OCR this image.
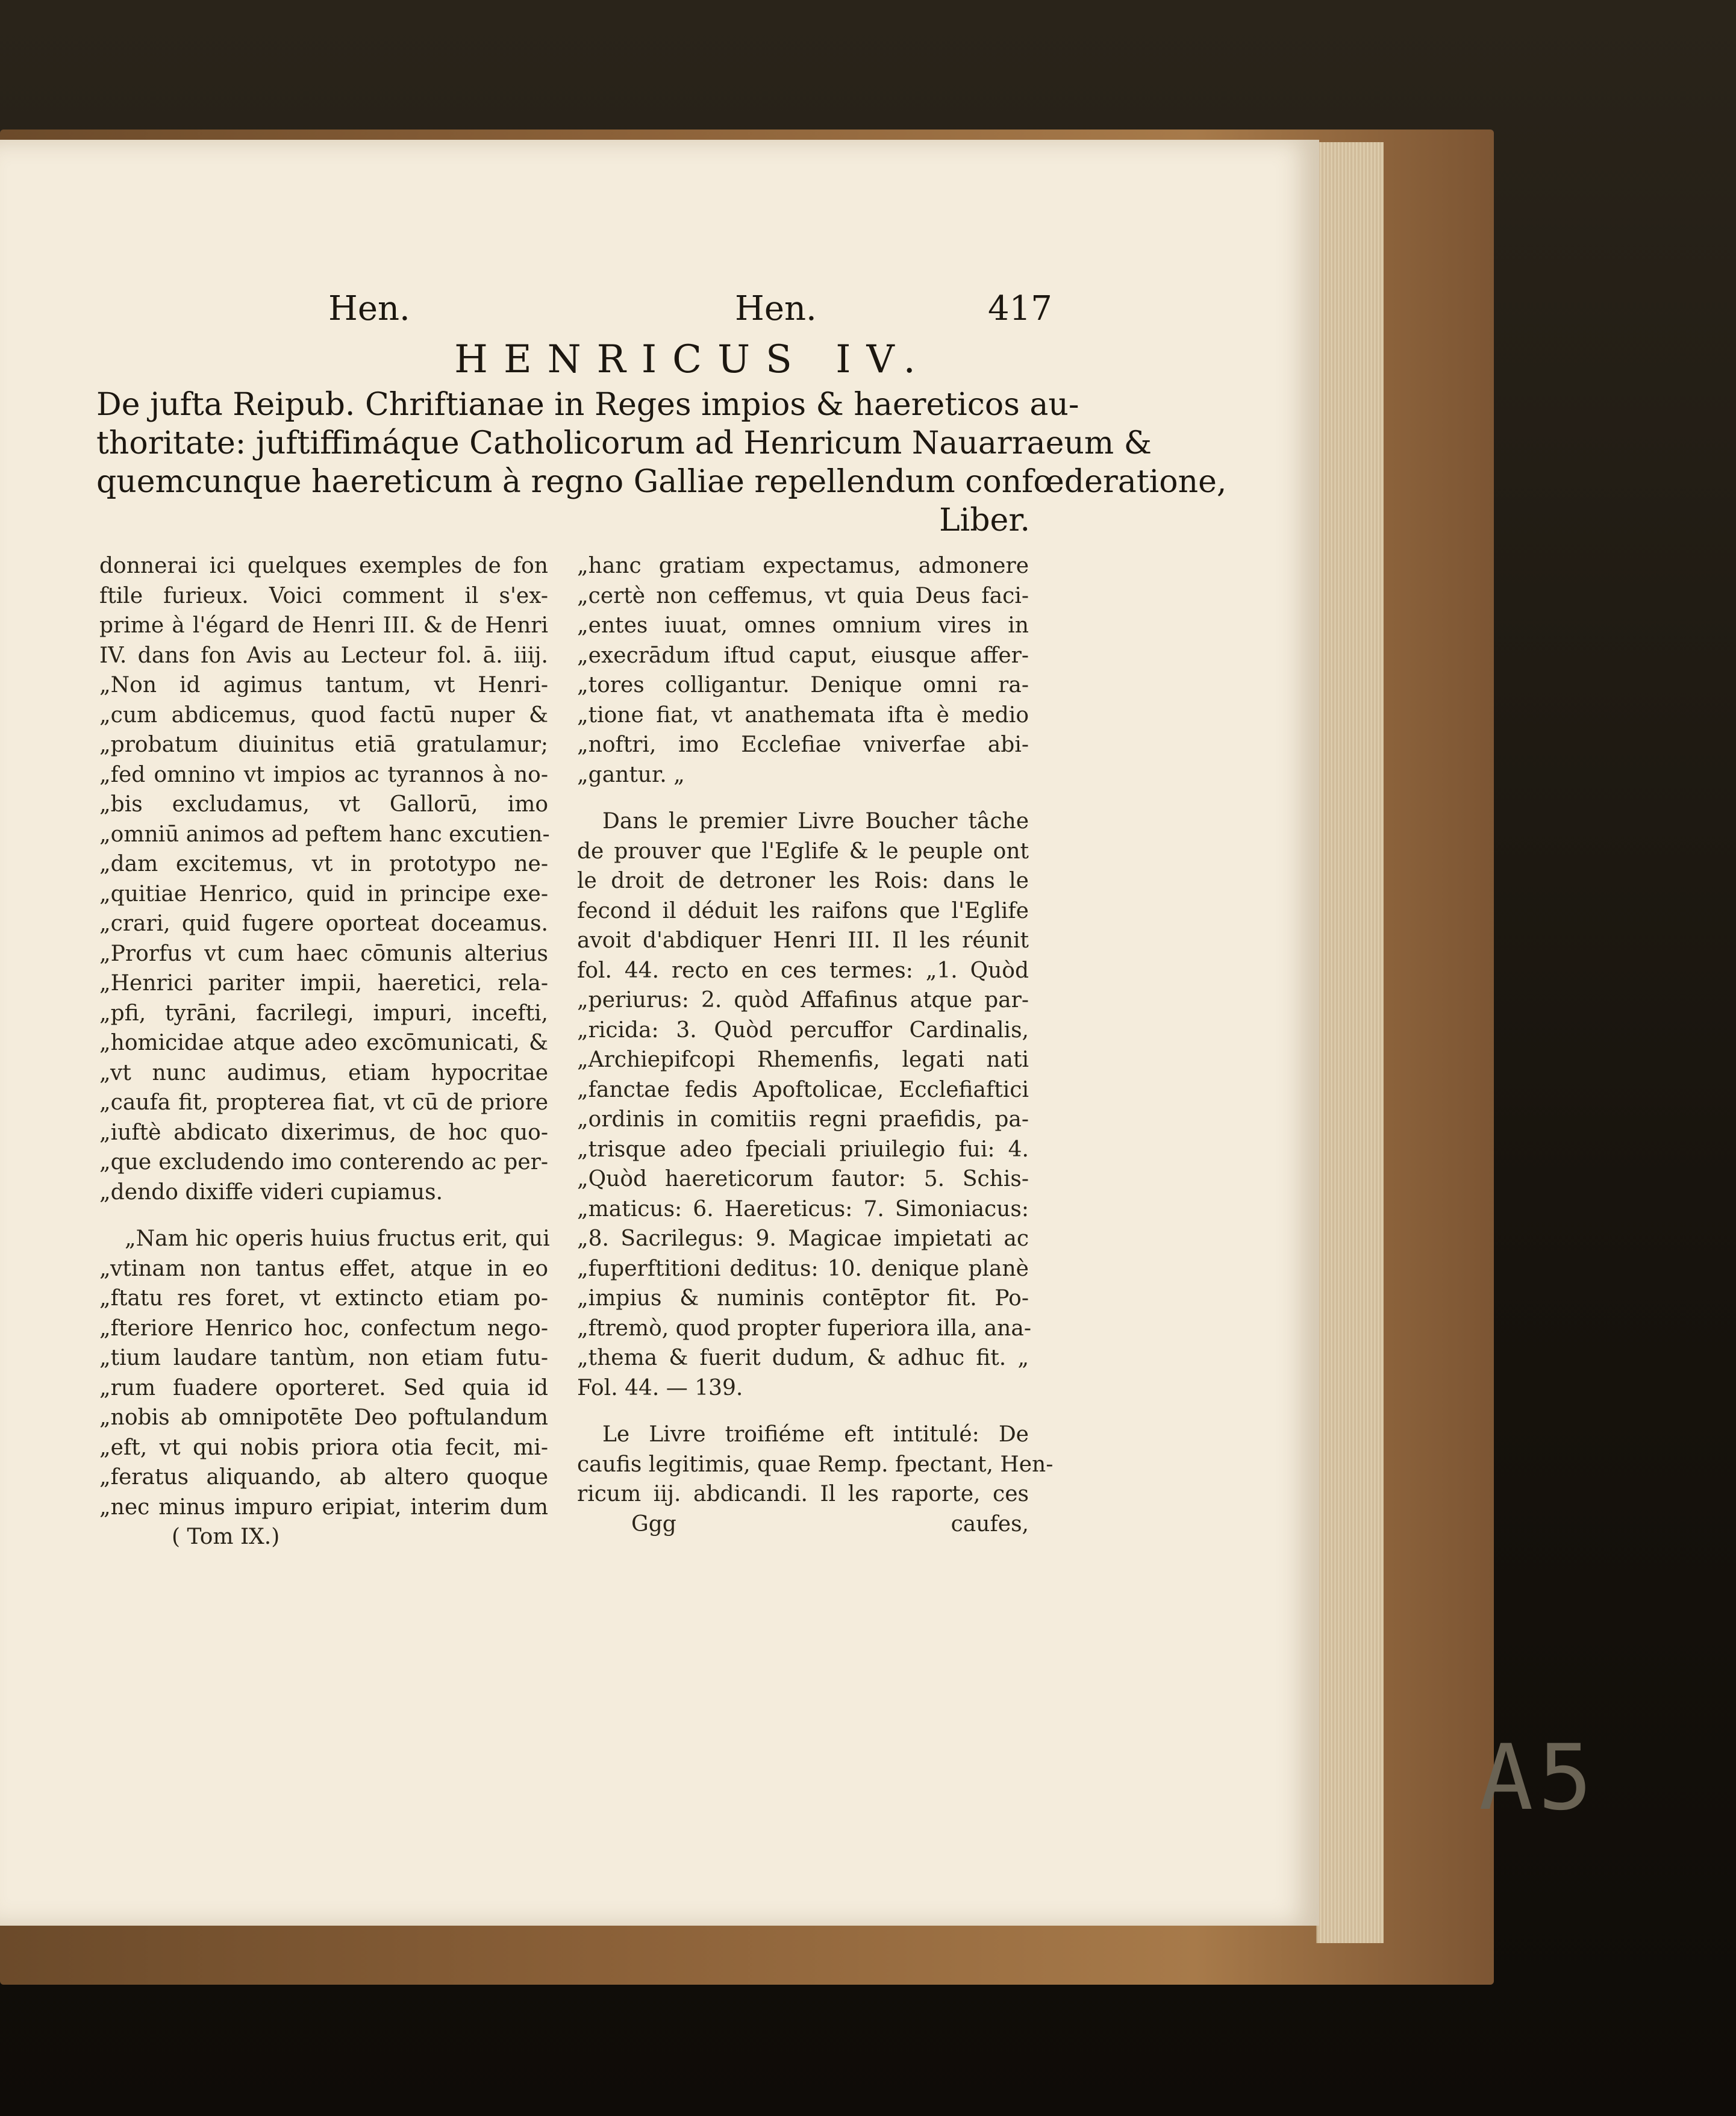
Hen.	Hen.	417
HENRICUS IV.
De jufta Reipub. Chriftianae in Reges impios & haereticos au-
thoritate: juftiffimáque Catholicorum ad Henricum Nauarraeum &
quemcunque haereticum à regno Galliae repellendum confœderatione,
Liber.
donnerai ici quelques exemples de fon
ftile furieux. Voici comment il s'ex-
prime à l'égard de Henri III. & de Henri
IV. dans fon Avis au Lecteur fol. ā. iiij.
„Non id agimus tantum, vt Henri-
„cum abdicemus, quod factū nuper &
„probatum diuinitus etiā gratulamur;
„fed omnino vt impios ac tyrannos à no-
„bis excludamus, vt Gallorū, imo
„omniū animos ad peftem hanc excutien-
„dam excitemus, vt in prototypo ne-
„quitiae Henrico, quid in principe exe-
„crari, quid fugere oporteat doceamus.
„Prorfus vt cum haec cōmunis alterius
„Henrici pariter impii, haeretici, rela-
„pfi, tyrāni, facrilegi, impuri, incefti,
„homicidae atque adeo excōmunicati, &
„vt nunc audimus, etiam hypocritae
„caufa fit, propterea fiat, vt cū de priore
„iuftè abdicato dixerimus, de hoc quo-
„que excludendo imo conterendo ac per-
„dendo dixiffe videri cupiamus.
„Nam hic operis huius fructus erit, qui
„vtinam non tantus effet, atque in eo
„ftatu res foret, vt extincto etiam po-
„fteriore Henrico hoc, confectum nego-
„tium laudare tantùm, non etiam futu-
„rum fuadere oporteret. Sed quia id
„nobis ab omnipotēte Deo poftulandum
„eft, vt qui nobis priora otia fecit, mi-
„feratus aliquando, ab altero quoque
„nec minus impuro eripiat, interim dum
( Tom IX.)
„hanc gratiam expectamus, admonere
„certè non ceffemus, vt quia Deus faci-
„entes iuuat, omnes omnium vires in
„execrādum iftud caput, eiusque affer-
„tores colligantur. Denique omni ra-
„tione fiat, vt anathemata ifta è medio
„noftri, imo Ecclefiae vniverfae abi-
„gantur. „
Dans le premier Livre Boucher tâche
de prouver que l'Eglife & le peuple ont
le droit de detroner les Rois: dans le
fecond il déduit les raifons que l'Eglife
avoit d'abdiquer Henri III. Il les réunit
fol. 44. recto en ces termes: „1. Quòd
„periurus: 2. quòd Affafinus atque par-
„ricida: 3. Quòd percuffor Cardinalis,
„Archiepifcopi Rhemenfis, legati nati
„fanctae fedis Apoftolicae, Ecclefiaftici
„ordinis in comitiis regni praefidis, pa-
„trisque adeo fpeciali priuilegio fui: 4.
„Quòd haereticorum fautor: 5. Schis-
„maticus: 6. Haereticus: 7. Simoniacus:
„8. Sacrilegus: 9. Magicae impietati ac
„fuperftitioni deditus: 10. denique planè
„impius & numinis contēptor fit. Po-
„ftremò, quod propter fuperiora illa, ana-
„thema & fuerit dudum, & adhuc fit. „
Fol. 44. — 139.
Le Livre troifiéme eft intitulé: De
caufis legitimis, quae Remp. fpectant, Hen-
ricum iij. abdicandi. Il les raporte, ces
Ggg caufes,
A5
